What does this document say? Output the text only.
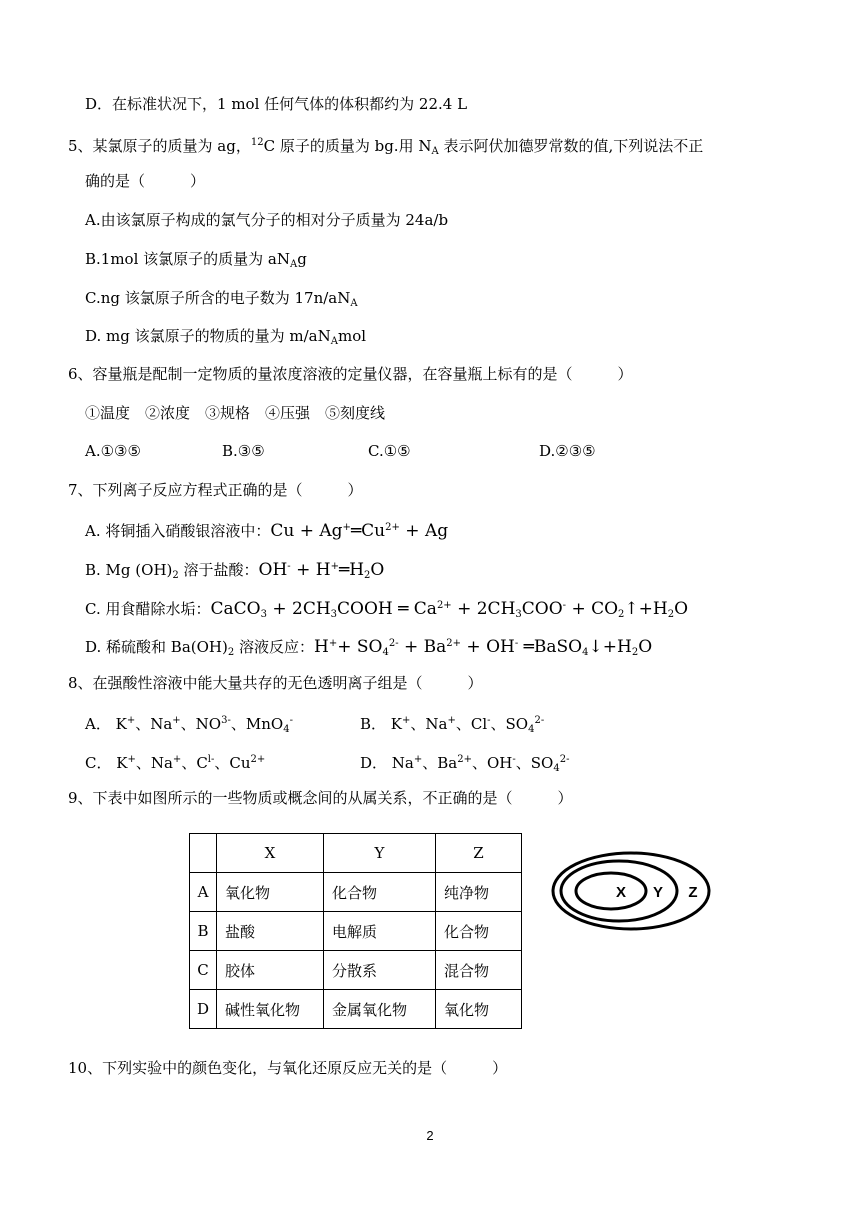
D．在标准状况下，1 mol 任何气体的体积都约为 22.4 L
5、某氯原子的质量为 ag，$^{12}$C 原子的质量为 bg.用 $N_A$ 表示阿伏加德罗常数的值,下列说法不正
确的是（　　　）
A.由该氯原子构成的氯气分子的相对分子质量为 24a/b
B.1mol 该氯原子的质量为 $aN_Ag$
C.ng 该氯原子所含的电子数为 $17n/aN_A$
D. mg 该氯原子的物质的量为 $m/aN_Amol$
6、容量瓶是配制一定物质的量浓度溶液的定量仪器，在容量瓶上标有的是（　　　）
①温度　②浓度　③规格　④压强　⑤刻度线
A.①③⑤	B.③⑤	C.①⑤	D.②③⑤
7、下列离子反应方程式正确的是（　　　）
A. 将铜插入硝酸银溶液中：$Cu + Ag^+═Cu^{2+} + Ag$
B. Mg $(OH)_2$ 溶于盐酸：$OH^- + H^+═H_2O$
C. 用食醋除水垢：CaCO$_3$ + $2CH_3COOH$ ═ $Ca^{2+} + 2CH_3COO^-$ + $CO_2↑+H_2O$
D. 稀硫酸和 $Ba(OH)_2$ 溶液反应：$H^++ SO_4^{2-} + Ba^{2+} + OH^-$ $═BaSO_4↓+H_2O$
8、在强酸性溶液中能大量共存的无色透明离子组是（　　　）
A． K+、Na+、$NO^{3-}$、MnO$_4$-	B． K+、Na+、Cl-、$SO_4^{2-}$
C． K+、Na+、$C^{l-}$、$Cu^{2+}$	D． Na+、$Ba^{2+}$、OH-、$SO_4^{2-}$
9、下表中如图所示的一些物质或概念间的从属关系，不正确的是（　　　）
	X	Y	Z
A	氧化物	化合物	纯净物
B	盐酸	电解质	化合物
C	胶体	分散系	混合物
D	碱性氧化物	金属氧化物	氧化物
X Y Z
10、下列实验中的颜色变化，与氧化还原反应无关的是（　　　）
2
